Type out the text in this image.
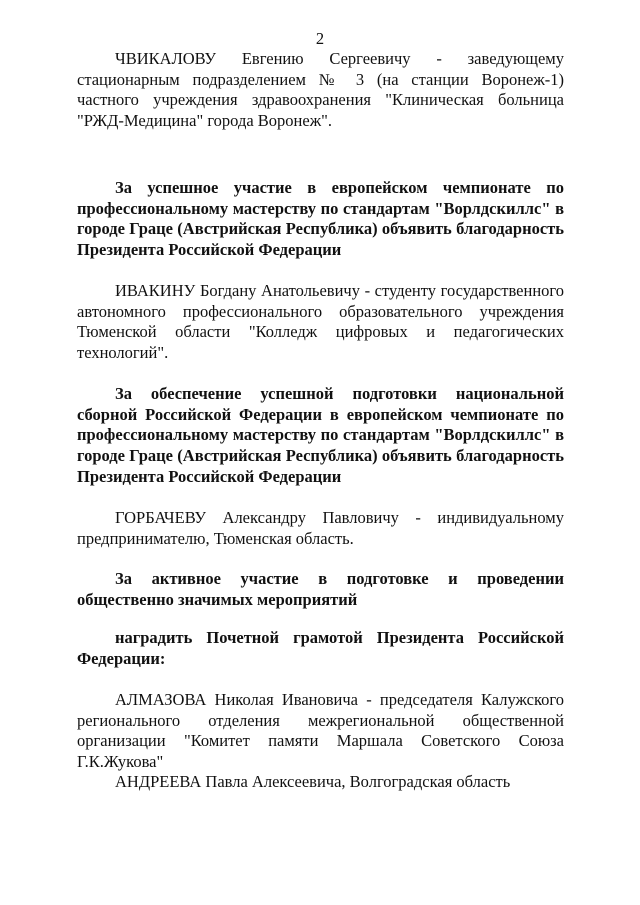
2

ЧВИКАЛОВУ Евгению Сергеевичу - заведующему стационарным подразделением № 3 (на станции Воронеж-1) частного учреждения здравоохранения "Клиническая больница "РЖД-Медицина" города Воронеж".

За успешное участие в европейском чемпионате по профессиональному мастерству по стандартам "Ворлдскиллс" в городе Граце (Австрийская Республика) объявить благодарность Президента Российской Федерации

ИВАКИНУ Богдану Анатольевичу - студенту государственного автономного профессионального образовательного учреждения Тюменской области "Колледж цифровых и педагогических технологий".

За обеспечение успешной подготовки национальной сборной Российской Федерации в европейском чемпионате по профессиональному мастерству по стандартам "Ворлдскиллс" в городе Граце (Австрийская Республика) объявить благодарность Президента Российской Федерации

ГОРБАЧЕВУ Александру Павловичу - индивидуальному предпринимателю, Тюменская область.

За активное участие в подготовке и проведении общественно значимых мероприятий

наградить Почетной грамотой Президента Российской Федерации:

АЛМАЗОВА Николая Ивановича - председателя Калужского регионального отделения межрегиональной общественной организации "Комитет памяти Маршала Советского Союза Г.К.Жукова"

АНДРЕЕВА Павла Алексеевича, Волгоградская область
